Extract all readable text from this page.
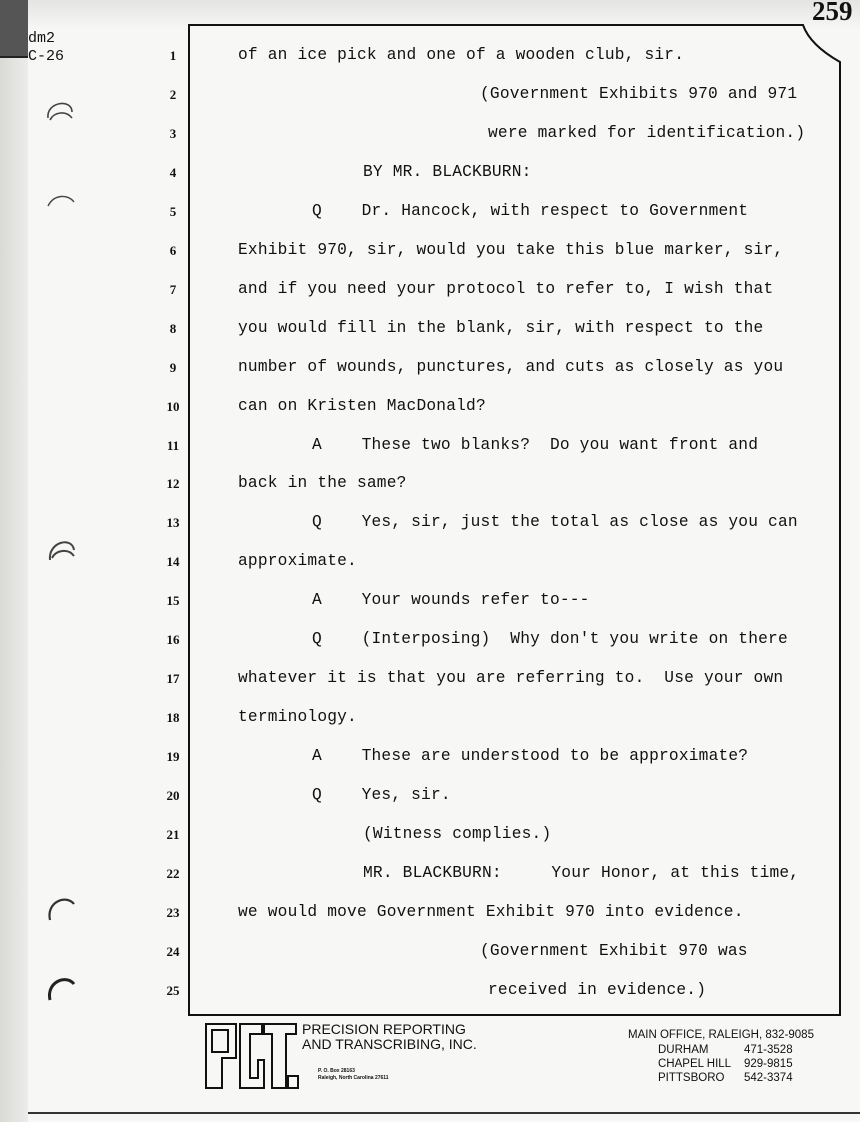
dm2
C-26
259
1	of an ice pick and one of a wooden club, sir.
2	(Government Exhibits 970 and 971
3	were marked for identification.)
4	BY MR. BLACKBURN:
5	Q    Dr. Hancock, with respect to Government
6	Exhibit 970, sir, would you take this blue marker, sir,
7	and if you need your protocol to refer to, I wish that
8	you would fill in the blank, sir, with respect to the
9	number of wounds, punctures, and cuts as closely as you
10	can on Kristen MacDonald?
11	A    These two blanks?  Do you want front and
12	back in the same?
13	Q    Yes, sir, just the total as close as you can
14	approximate.
15	A    Your wounds refer to---
16	Q    (Interposing)  Why don't you write on there
17	whatever it is that you are referring to.  Use your own
18	terminology.
19	A    These are understood to be approximate?
20	Q    Yes, sir.
21	(Witness complies.)
22	MR. BLACKBURN:     Your Honor, at this time,
23	we would move Government Exhibit 970 into evidence.
24	(Government Exhibit 970 was
25	received in evidence.)
PRECISION REPORTING
AND TRANSCRIBING, INC.
P. O. Box 28163
Raleigh, North Carolina 27611
MAIN OFFICE, RALEIGH, 832-9085
DURHAM	471-3528
CHAPEL HILL 929-9815
PITTSBORO 542-3374
